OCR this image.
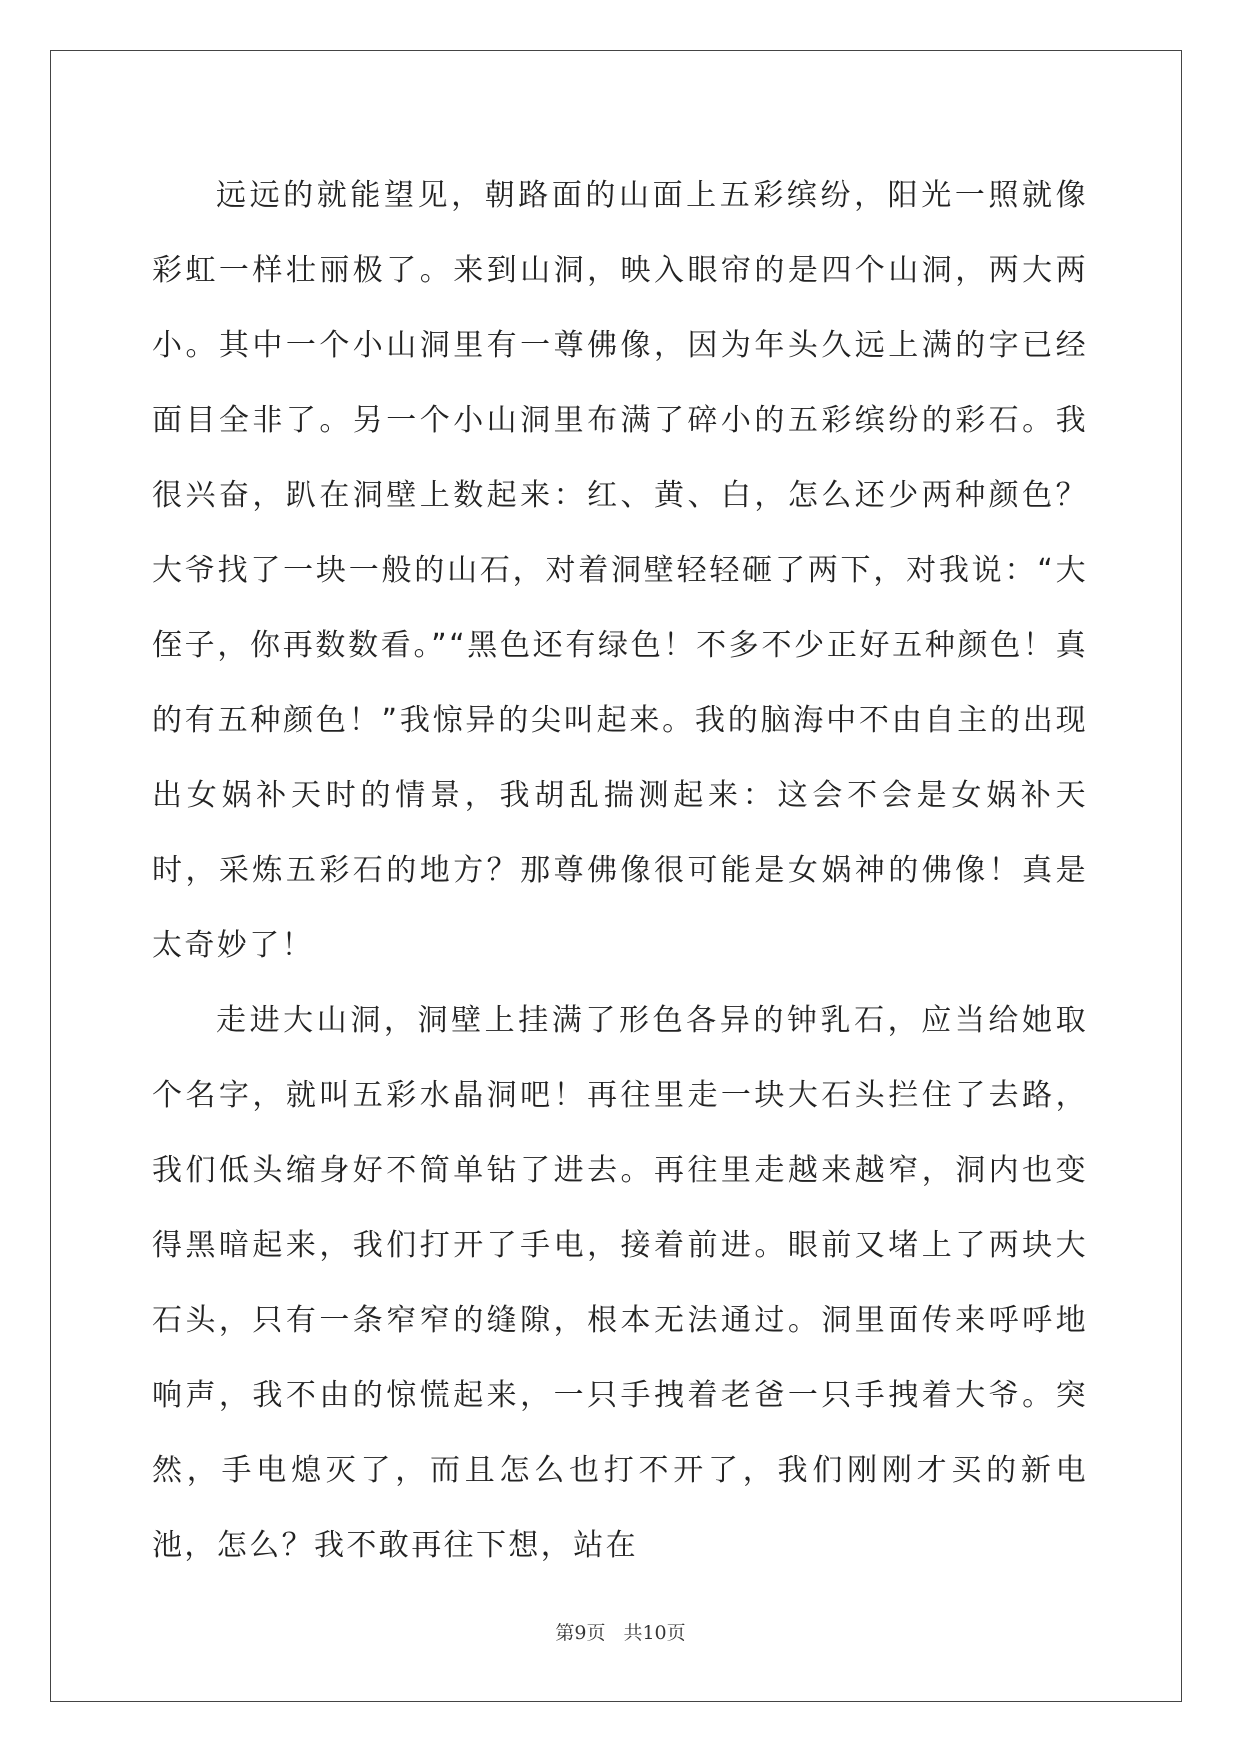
远远的就能望见，朝路面的山面上五彩缤纷，阳光一照就像彩虹一样壮丽极了。来到山洞，映入眼帘的是四个山洞，两大两小。其中一个小山洞里有一尊佛像，因为年头久远上满的字已经面目全非了。另一个小山洞里布满了碎小的五彩缤纷的彩石。我很兴奋，趴在洞壁上数起来：红、黄、白，怎么还少两种颜色？大爷找了一块一般的山石，对着洞壁轻轻砸了两下，对我说：“大侄子，你再数数看。”“黑色还有绿色！不多不少正好五种颜色！真的有五种颜色！”我惊异的尖叫起来。我的脑海中不由自主的出现出女娲补天时的情景，我胡乱揣测起来：这会不会是女娲补天时，采炼五彩石的地方？那尊佛像很可能是女娲神的佛像！真是太奇妙了！

走进大山洞，洞壁上挂满了形色各异的钟乳石，应当给她取个名字，就叫五彩水晶洞吧！再往里走一块大石头拦住了去路，我们低头缩身好不简单钻了进去。再往里走越来越窄，洞内也变得黑暗起来，我们打开了手电，接着前进。眼前又堵上了两块大石头，只有一条窄窄的缝隙，根本无法通过。洞里面传来呼呼地响声，我不由的惊慌起来，一只手拽着老爸一只手拽着大爷。突然，手电熄灭了，而且怎么也打不开了，我们刚刚才买的新电池，怎么？我不敢再往下想，站在

第9页 共10页
